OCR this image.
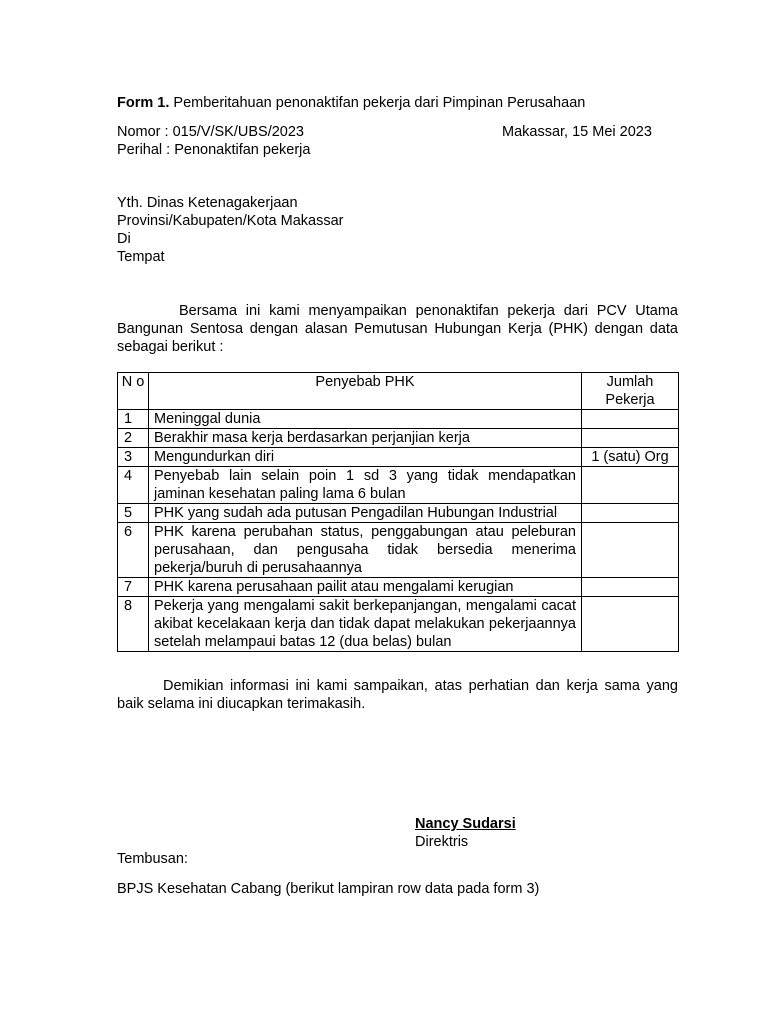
Form 1. Pemberitahuan penonaktifan pekerja dari Pimpinan Perusahaan
Nomor : 015/V/SK/UBS/2023	Makassar, 15 Mei 2023
Perihal : Penonaktifan pekerja
Yth. Dinas Ketenagakerjaan
Provinsi/Kabupaten/Kota Makassar
Di
Tempat
Bersama ini kami menyampaikan penonaktifan pekerja dari PCV Utama Bangunan Sentosa dengan alasan Pemutusan Hubungan Kerja (PHK) dengan data sebagai berikut :
N o	Penyebab PHK	Jumlah Pekerja
1	Meninggal dunia	
2	Berakhir masa kerja berdasarkan perjanjian kerja	
3	Mengundurkan diri	1 (satu) Org
4	Penyebab lain selain poin 1 sd 3 yang tidak mendapatkan jaminan kesehatan paling lama 6 bulan	
5	PHK yang sudah ada putusan Pengadilan Hubungan Industrial	
6	PHK karena perubahan status, penggabungan atau peleburan perusahaan, dan pengusaha tidak bersedia menerima pekerja/buruh di perusahaannya	
7	PHK karena perusahaan pailit atau mengalami kerugian	
8	Pekerja yang mengalami sakit berkepanjangan, mengalami cacat akibat kecelakaan kerja dan tidak dapat melakukan pekerjaannya setelah melampaui batas 12 (dua belas) bulan	
Demikian informasi ini kami sampaikan, atas perhatian dan kerja sama yang baik selama ini diucapkan terimakasih.
Nancy Sudarsi
Direktris
Tembusan:
BPJS Kesehatan Cabang (berikut lampiran row data pada form 3)
